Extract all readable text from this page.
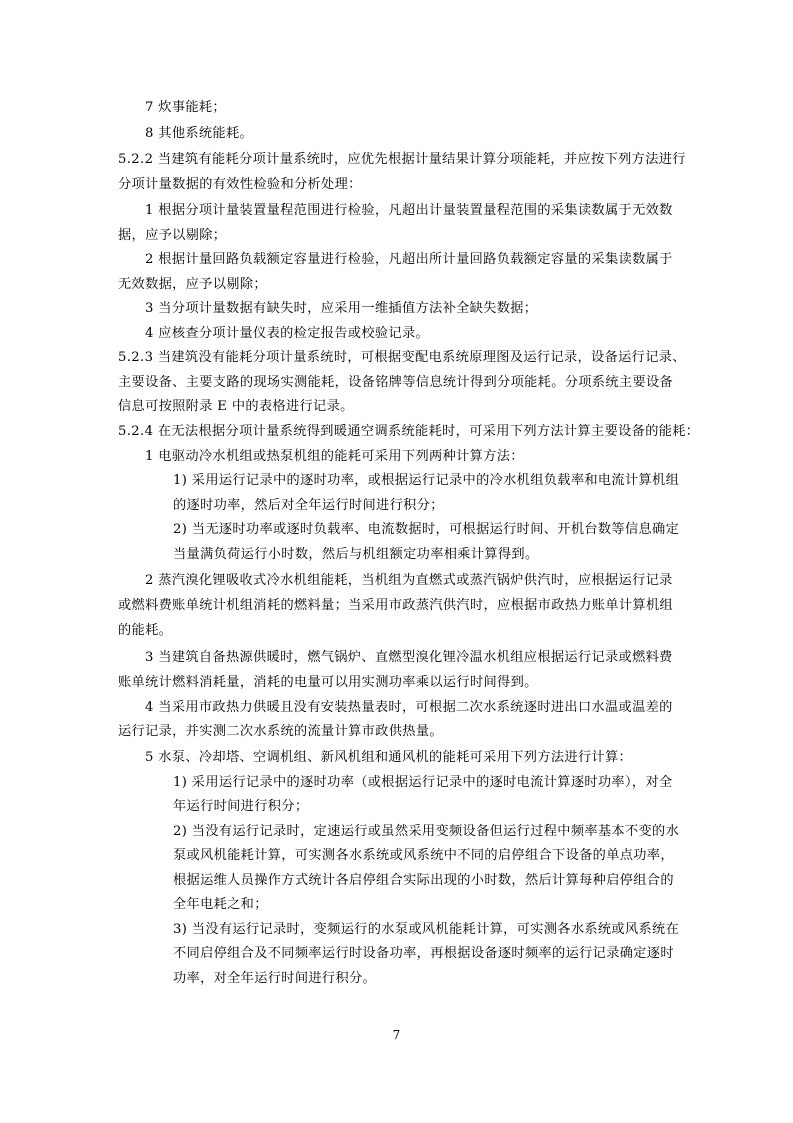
7 炊事能耗；
8 其他系统能耗。
5.2.2 当建筑有能耗分项计量系统时，应优先根据计量结果计算分项能耗，并应按下列方法进行
分项计量数据的有效性检验和分析处理：
1 根据分项计量装置量程范围进行检验，凡超出计量装置量程范围的采集读数属于无效数
据，应予以剔除；
2 根据计量回路负载额定容量进行检验，凡超出所计量回路负载额定容量的采集读数属于
无效数据，应予以剔除；
3 当分项计量数据有缺失时，应采用一维插值方法补全缺失数据；
4 应核查分项计量仪表的检定报告或校验记录。
5.2.3 当建筑没有能耗分项计量系统时，可根据变配电系统原理图及运行记录，设备运行记录、
主要设备、主要支路的现场实测能耗，设备铭牌等信息统计得到分项能耗。分项系统主要设备
信息可按照附录 E 中的表格进行记录。
5.2.4 在无法根据分项计量系统得到暖通空调系统能耗时，可采用下列方法计算主要设备的能耗：
1 电驱动冷水机组或热泵机组的能耗可采用下列两种计算方法：
1) 采用运行记录中的逐时功率，或根据运行记录中的冷水机组负载率和电流计算机组
的逐时功率，然后对全年运行时间进行积分；
2) 当无逐时功率或逐时负载率、电流数据时，可根据运行时间、开机台数等信息确定
当量满负荷运行小时数，然后与机组额定功率相乘计算得到。
2 蒸汽溴化锂吸收式冷水机组能耗，当机组为直燃式或蒸汽锅炉供汽时，应根据运行记录
或燃料费账单统计机组消耗的燃料量；当采用市政蒸汽供汽时，应根据市政热力账单计算机组
的能耗。
3 当建筑自备热源供暖时，燃气锅炉、直燃型溴化锂冷温水机组应根据运行记录或燃料费
账单统计燃料消耗量，消耗的电量可以用实测功率乘以运行时间得到。
4 当采用市政热力供暖且没有安装热量表时，可根据二次水系统逐时进出口水温或温差的
运行记录，并实测二次水系统的流量计算市政供热量。
5 水泵、冷却塔、空调机组、新风机组和通风机的能耗可采用下列方法进行计算：
1) 采用运行记录中的逐时功率（或根据运行记录中的逐时电流计算逐时功率），对全
年运行时间进行积分；
2) 当没有运行记录时，定速运行或虽然采用变频设备但运行过程中频率基本不变的水
泵或风机能耗计算，可实测各水系统或风系统中不同的启停组合下设备的单点功率，
根据运维人员操作方式统计各启停组合实际出现的小时数，然后计算每种启停组合的
全年电耗之和；
3) 当没有运行记录时，变频运行的水泵或风机能耗计算，可实测各水系统或风系统在
不同启停组合及不同频率运行时设备功率，再根据设备逐时频率的运行记录确定逐时
功率，对全年运行时间进行积分。
7
